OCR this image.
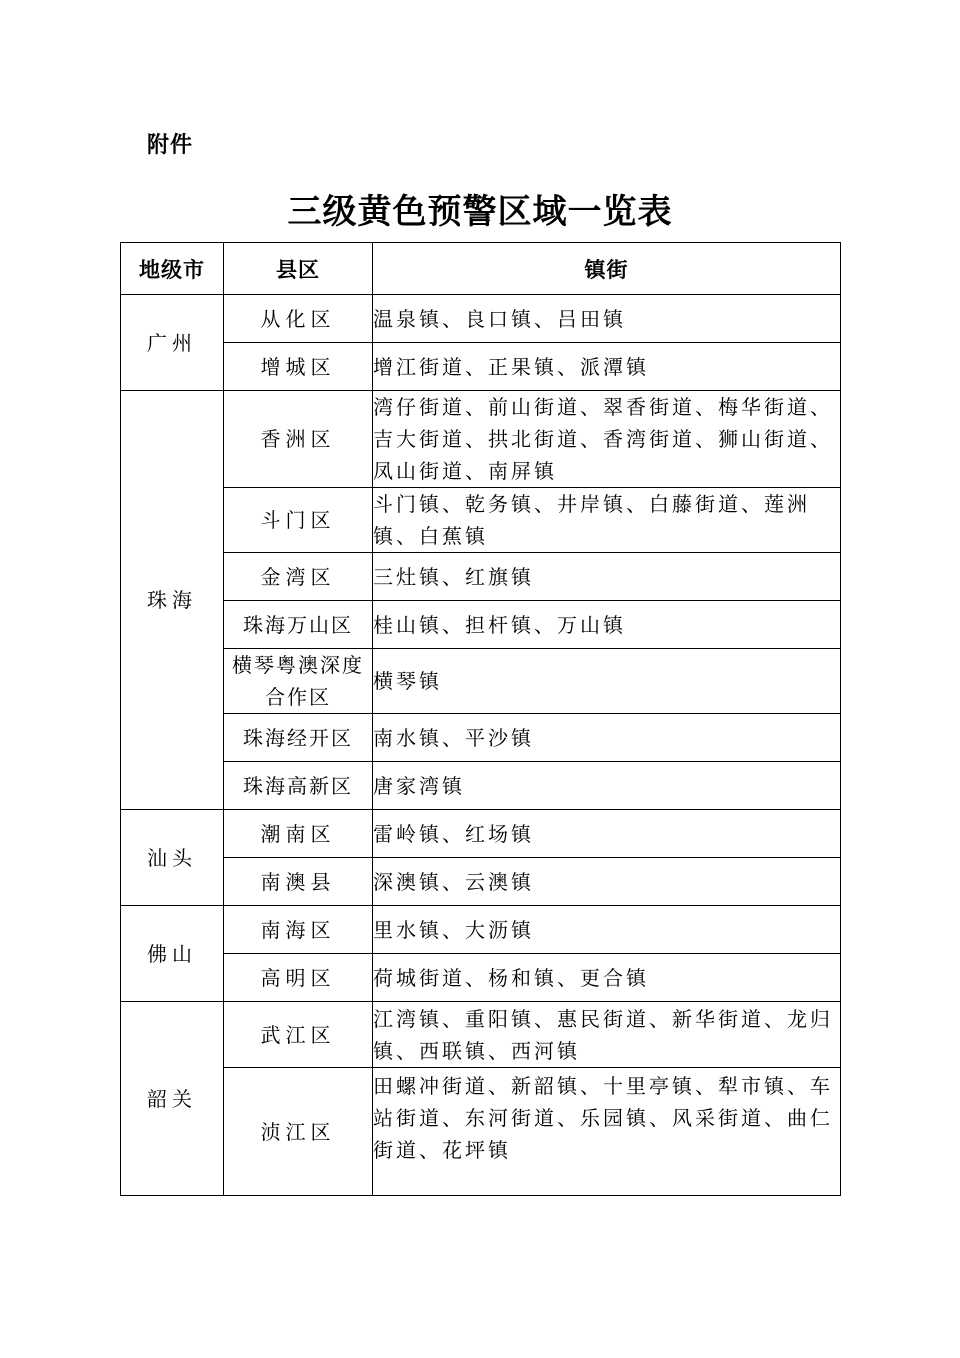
附件
三级黄色预警区域一览表
地级市	县区	镇街
广州	从化区	温泉镇、良口镇、吕田镇
	增城区	增江街道、正果镇、派潭镇
珠海	香洲区	湾仔街道、前山街道、翠香街道、梅华街道、吉大街道、拱北街道、香湾街道、狮山街道、凤山街道、南屏镇
	斗门区	斗门镇、乾务镇、井岸镇、白藤街道、莲洲镇、白蕉镇
	金湾区	三灶镇、红旗镇
	珠海万山区	桂山镇、担杆镇、万山镇
	横琴粤澳深度合作区	横琴镇
	珠海经开区	南水镇、平沙镇
	珠海高新区	唐家湾镇
汕头	潮南区	雷岭镇、红场镇
	南澳县	深澳镇、云澳镇
佛山	南海区	里水镇、大沥镇
	高明区	荷城街道、杨和镇、更合镇
韶关	武江区	江湾镇、重阳镇、惠民街道、新华街道、龙归镇、西联镇、西河镇
	浈江区	田螺冲街道、新韶镇、十里亭镇、犁市镇、车站街道、东河街道、乐园镇、风采街道、曲仁街道、花坪镇
